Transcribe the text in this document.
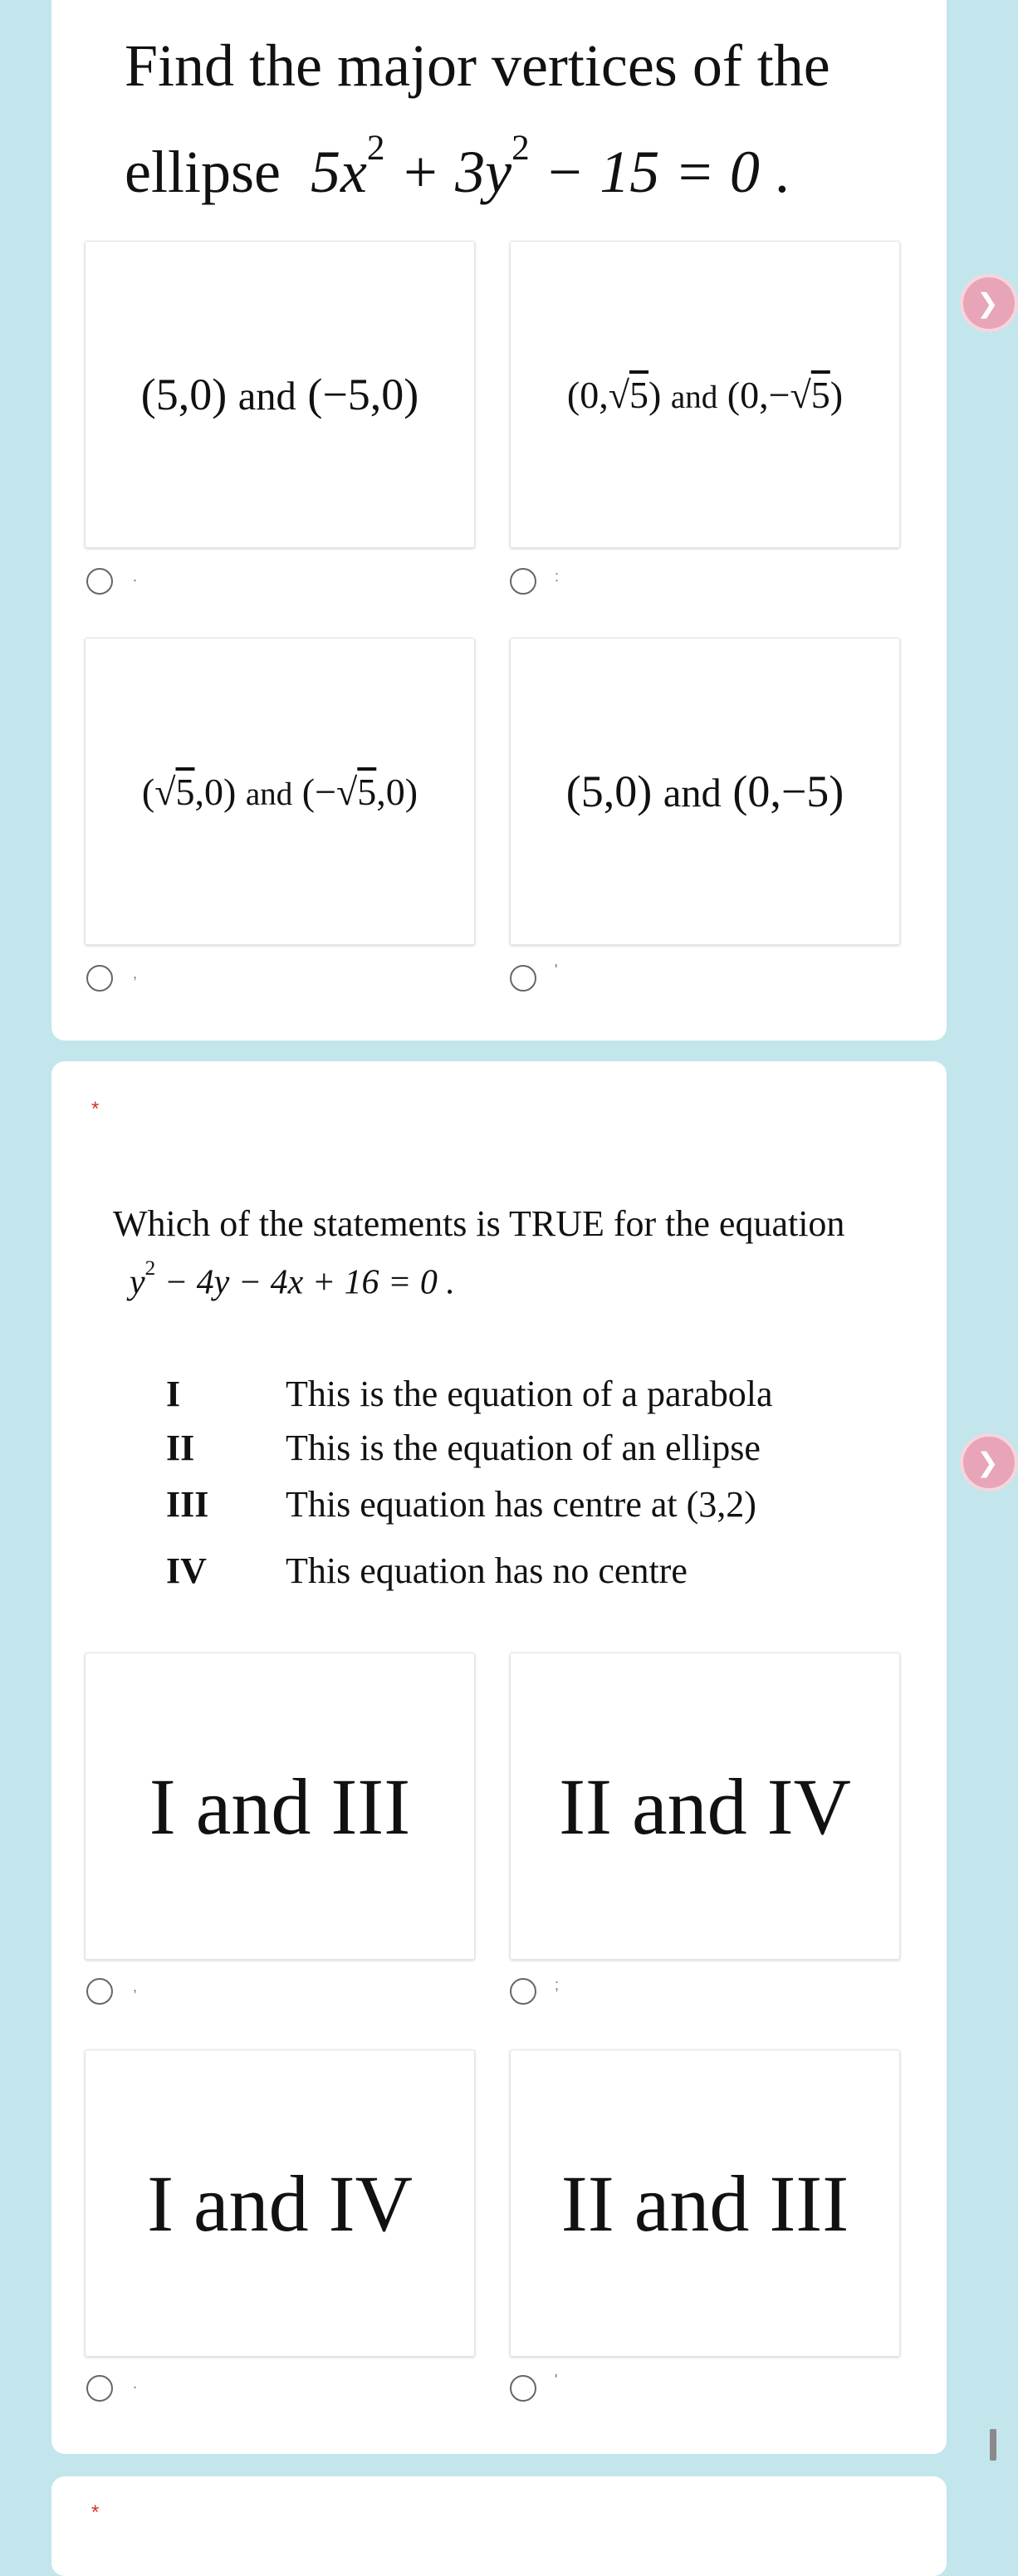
Find the major vertices of the
ellipse $5x^2 + 3y^2 - 15 = 0$ .
(5,0) and (−5,0)	(0,√5) and (0,−√5)
.	:
(√5,0) and (−√5,0)	(5,0) and (0,−5)
,	'
*
Which of the statements is TRUE for the equation
$y^2 - 4y - 4x + 16 = 0$ .
I	This is the equation of a parabola
II This is the equation of an ellipse
III This equation has centre at (3,2)
IV This equation has no centre
I and III II and IV
,	;
I and IV II and III
.	'
*
❯
❯
